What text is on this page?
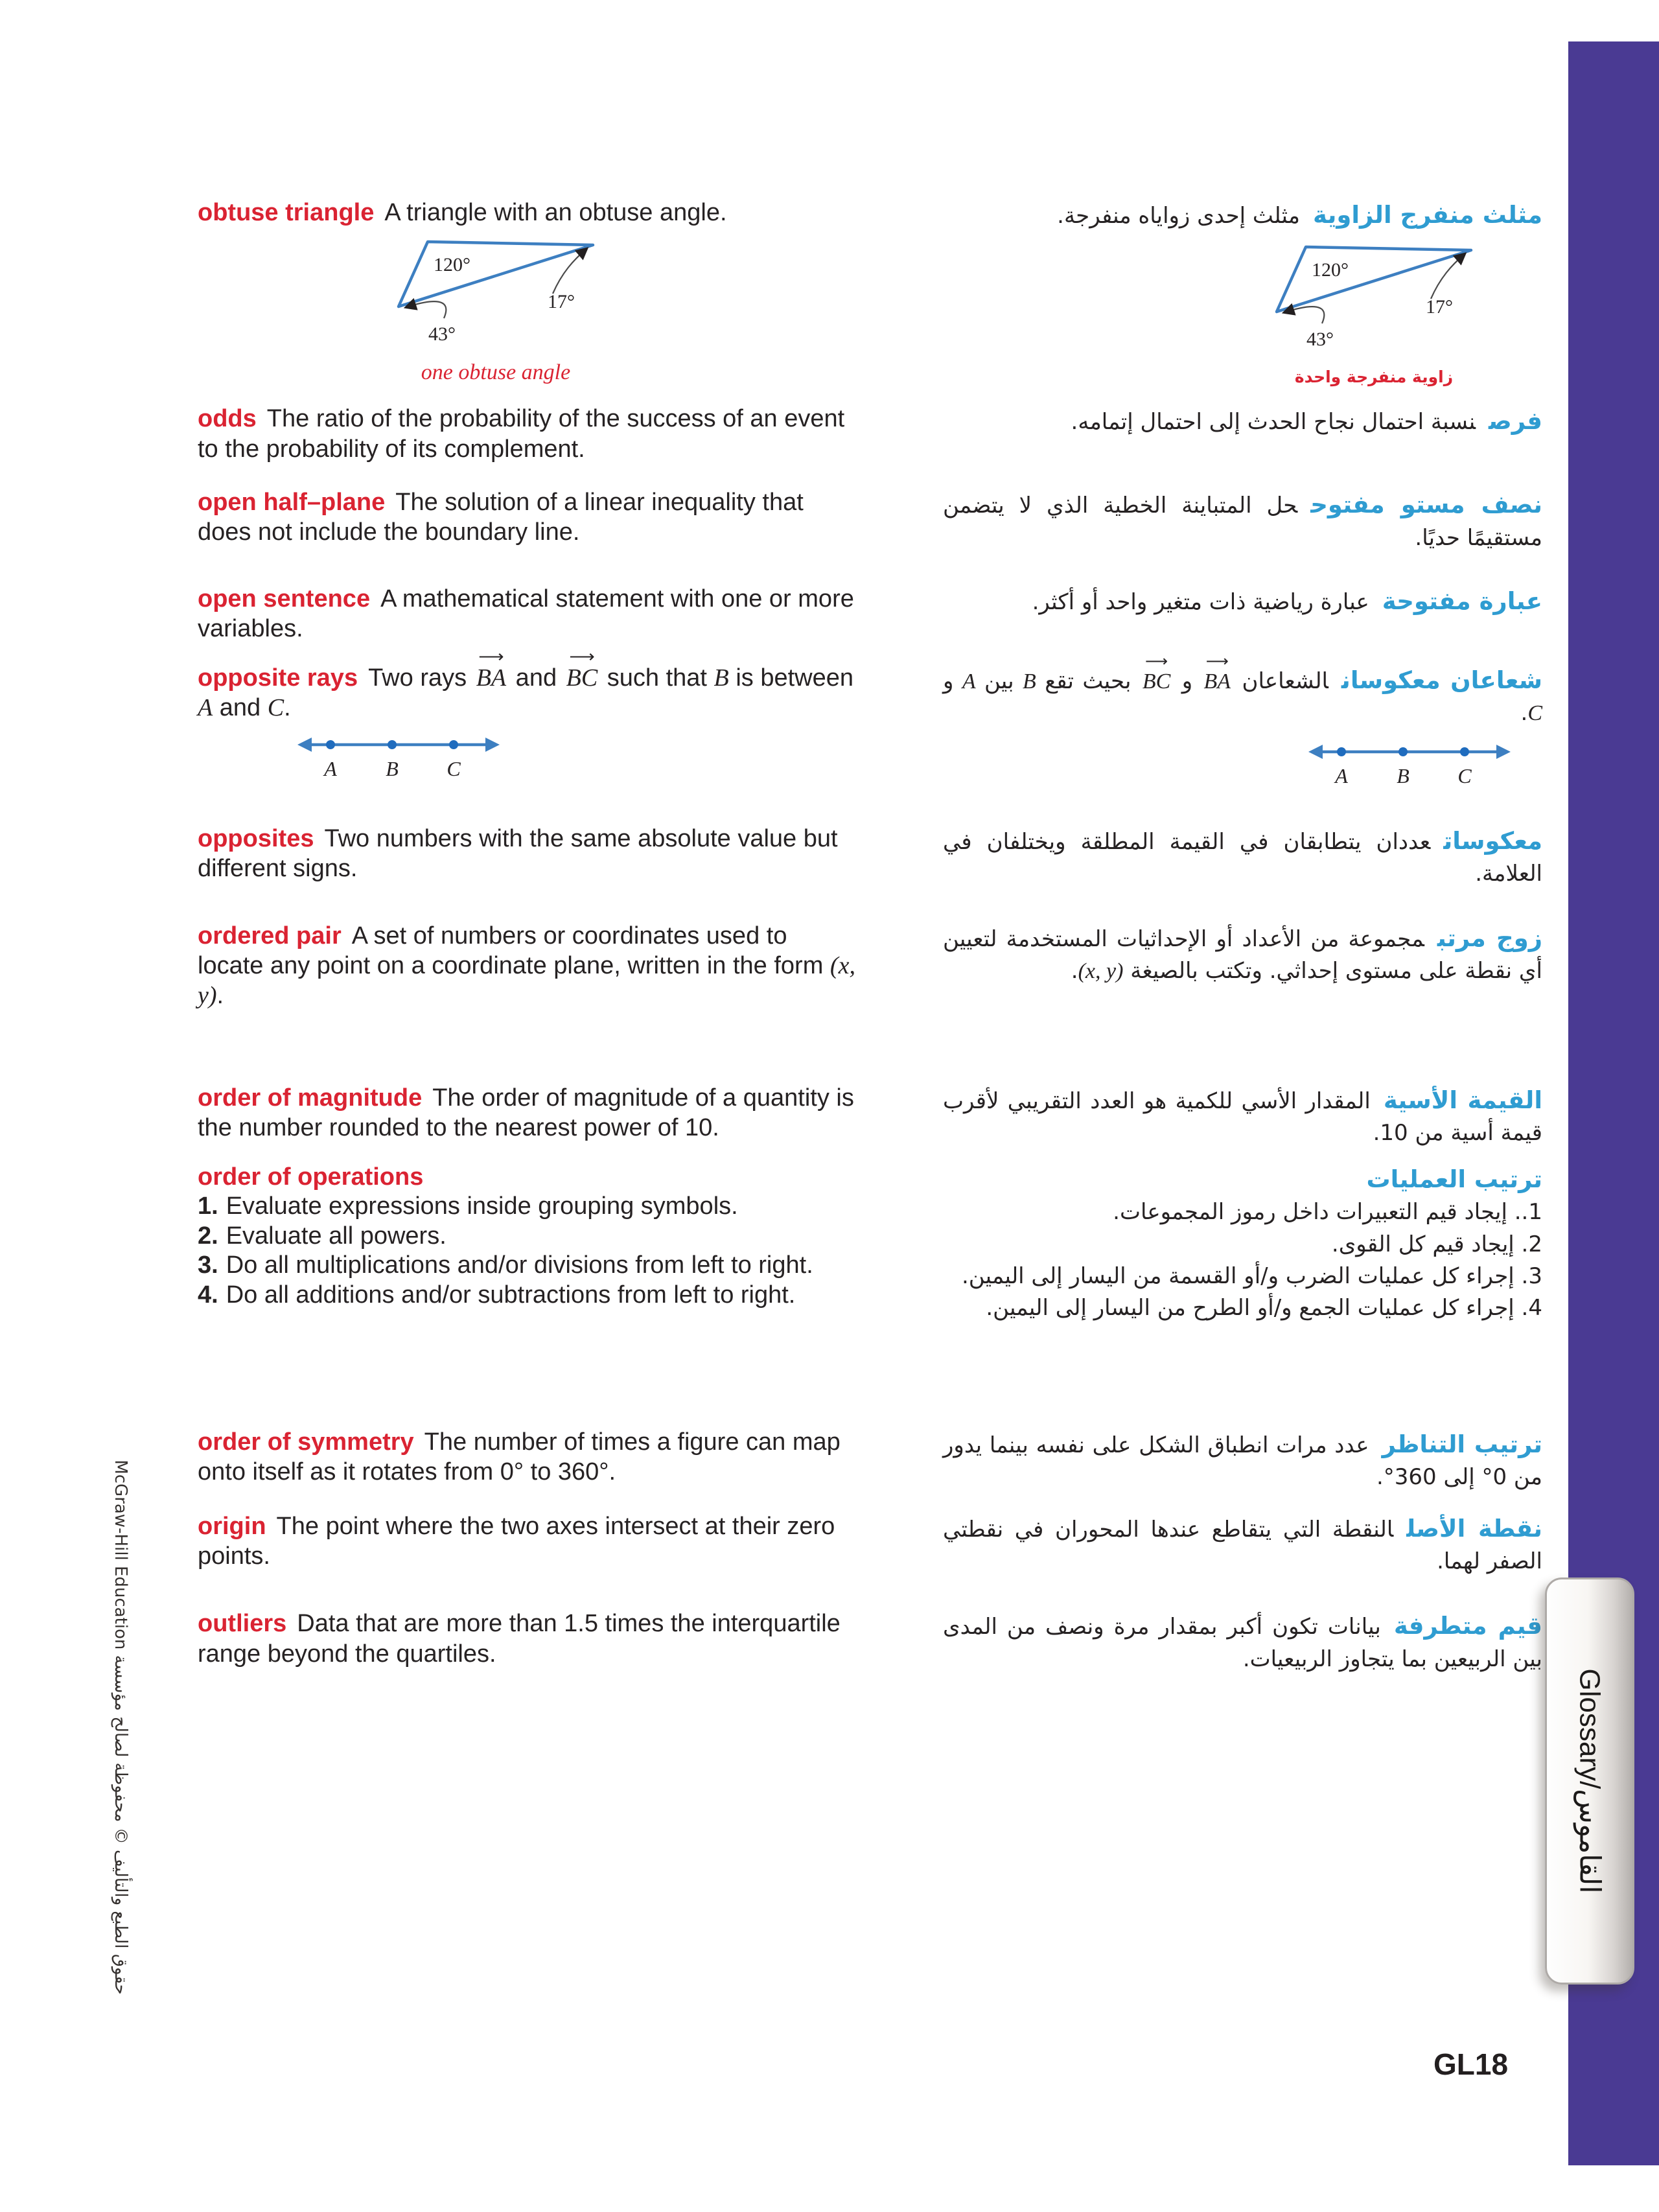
obtuse triangle A triangle with an obtuse angle.

120°
17°
43°
one obtuse angle

مثلث منفرج الزاويةمثلث إحدى زواياه منفرجة.

120°
17°
43°
زاوية منفرجة واحدة

odds The ratio of the probability of the success of an event to the probability of its complement.

فرصنسبة احتمال نجاح الحدث إلى احتمال إتمامه.

open half–plane The solution of a linear inequality that does not include the boundary line.

نصف مستو مفتوححل المتباينة الخطية الذي لا يتضمن مستقيمًا حديًا.

open sentence A mathematical statement with one or more variables.

عبارة مفتوحةعبارة رياضية ذات متغير واحد أو أكثر.

opposite rays Two rays ⟶ BA and ⟶ BC such that B is between A and C.

A B C

شعاعان معكوسانالشعاعان ⟶ BA و ⟶ BC بحيث تقع B بين A و C.

A B C

opposites Two numbers with the same absolute value but different signs.

معكوساتعددان يتطابقان في القيمة المطلقة ويختلفان في العلامة.

ordered pair A set of numbers or coordinates used to locate any point on a coordinate plane, written in the form (x, y).

زوج مرتبمجموعة من الأعداد أو الإحداثيات المستخدمة لتعيين أي نقطة على مستوى إحداثي. وتكتب بالصيغة (x, y).

order of magnitude The order of magnitude of a quantity is the number rounded to the nearest power of 10.

القيمة الأسيةالمقدار الأسي للكمية هو العدد التقريبي لأقرب قيمة أسية من 10.

order of operations

1. Evaluate expressions inside grouping symbols.

2. Evaluate all powers.

3. Do all multiplications and/or divisions from left to right.

4. Do all additions and/or subtractions from left to right.

ترتيب العمليات

1.. إيجاد قيم التعبيرات داخل رموز المجموعات.

2. إيجاد قيم كل القوى.

3. إجراء كل عمليات الضرب و/أو القسمة من اليسار إلى اليمين.

4. إجراء كل عمليات الجمع و/أو الطرح من اليسار إلى اليمين.

order of symmetry The number of times a figure can map onto itself as it rotates from 0° to 360°.

ترتيب التناظرعدد مرات انطباق الشكل على نفسه بينما يدور من 0° إلى 360°.

origin The point where the two axes intersect at their zero points.

نقطة الأصلالنقطة التي يتقاطع عندها المحوران في نقطتي الصفر لهما.

outliers Data that are more than 1.5 times the interquartile range beyond the quartiles.

قيم متطرفةبيانات تكون أكبر بمقدار مرة ونصف من المدى بين الربيعين بما يتجاوز الربيعيات.

Glossary/القاموس
حقوق الطبع والتأليف © محفوظة لصالح مؤسسة McGraw-Hill Education
GL18
